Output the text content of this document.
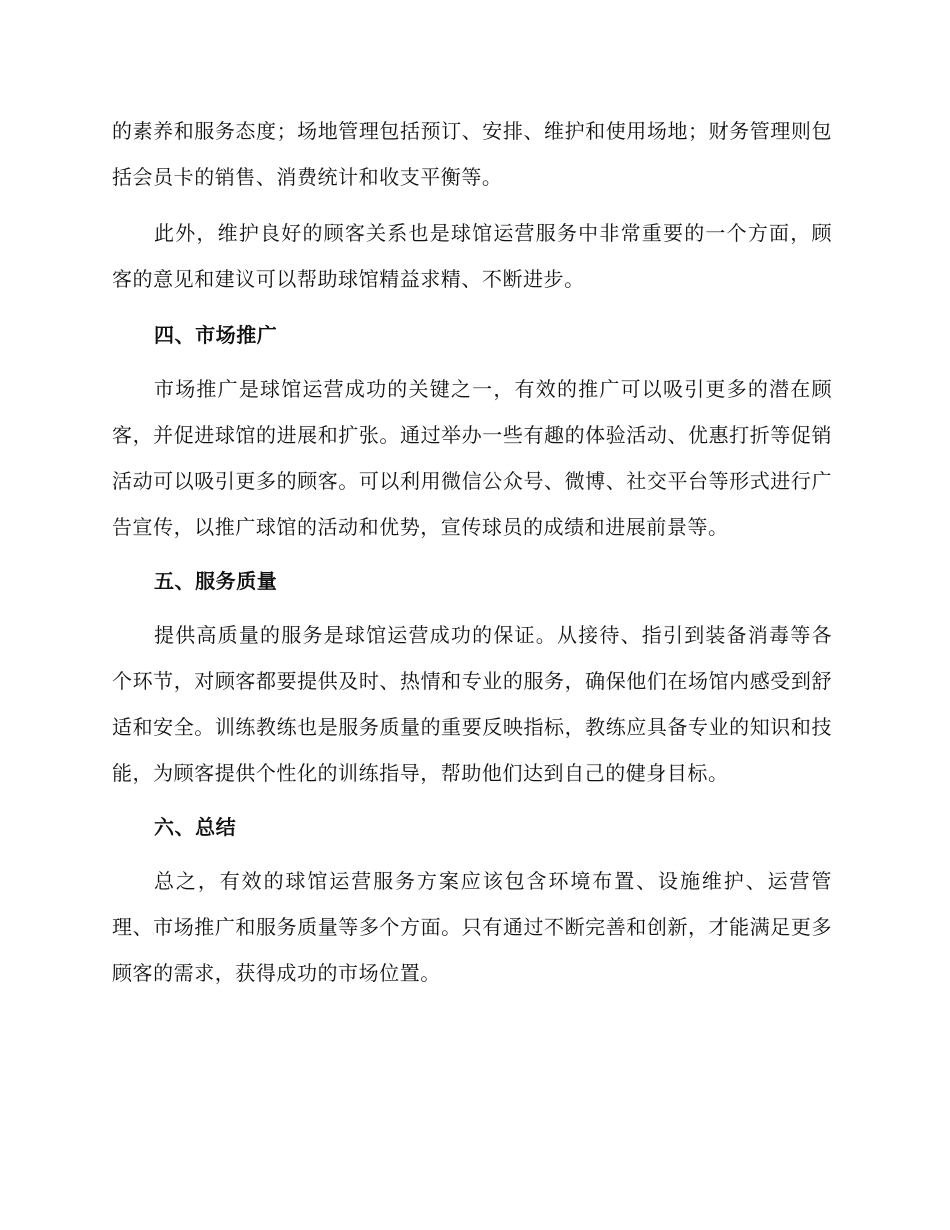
的素养和服务态度；场地管理包括预订、安排、维护和使用场地；财务管理则包括会员卡的销售、消费统计和收支平衡等。

此外，维护良好的顾客关系也是球馆运营服务中非常重要的一个方面，顾客的意见和建议可以帮助球馆精益求精、不断进步。

四、市场推广

市场推广是球馆运营成功的关键之一，有效的推广可以吸引更多的潜在顾客，并促进球馆的进展和扩张。通过举办一些有趣的体验活动、优惠打折等促销活动可以吸引更多的顾客。可以利用微信公众号、微博、社交平台等形式进行广告宣传，以推广球馆的活动和优势，宣传球员的成绩和进展前景等。

五、服务质量

提供高质量的服务是球馆运营成功的保证。从接待、指引到装备消毒等各个环节，对顾客都要提供及时、热情和专业的服务，确保他们在场馆内感受到舒适和安全。训练教练也是服务质量的重要反映指标，教练应具备专业的知识和技能，为顾客提供个性化的训练指导，帮助他们达到自己的健身目标。

六、总结

总之，有效的球馆运营服务方案应该包含环境布置、设施维护、运营管理、市场推广和服务质量等多个方面。只有通过不断完善和创新，才能满足更多顾客的需求，获得成功的市场位置。
